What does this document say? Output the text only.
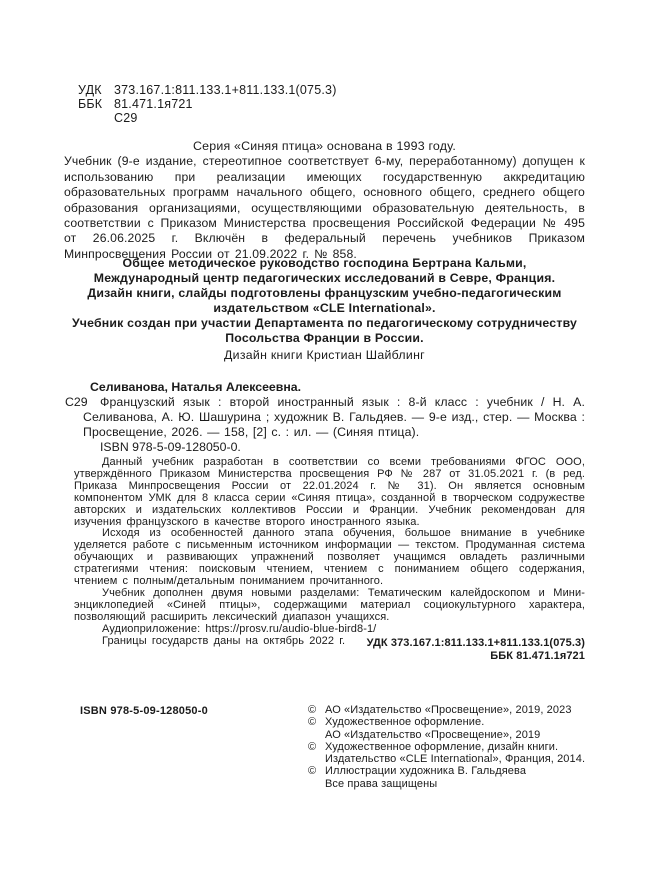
УДК 373.167.1:811.133.1+811.133.1(075.3)
ББК 81.471.1я721
С29
Серия «Синяя птица» основана в 1993 году.

Учебник (9-е издание, стереотипное соответствует 6-му, переработанному) допущен к использованию при реализации имеющих государственную аккредитацию образовательных программ начального общего, основного общего, среднего общего образования организациями, осуществляющими образовательную деятельность, в соответствии с Приказом Министерства просвещения Российской Федерации № 495 от 26.06.2025 г. Включён в федеральный перечень учебников Приказом Минпросвещения России от 21.09.2022 г. № 858.

Общее методическое руководство господина Бертрана Кальми,
Международный центр педагогических исследований в Севре, Франция.
Дизайн книги, слайды подготовлены французским учебно-педагогическим
издательством «CLE International».
Учебник создан при участии Департамента по педагогическому сотрудничеству
Посольства Франции в России.
Дизайн книги Кристиан Шайблинг

Селиванова, Наталья Алексеевна.

С29	Французский язык : второй иностранный язык : 8-й класс : учебник / Н. А. Селиванова, А. Ю. Шашурина ; художник В. Гальдяев. — 9-е изд., стер. — Москва : Просвещение, 2026. — 158, [2] с. : ил. — (Синяя птица).

ISBN 978-5-09-128050-0.

Данный учебник разработан в соответствии со всеми требованиями ФГОС ООО, утверждённого Приказом Министерства просвещения РФ № 287 от 31.05.2021 г. (в ред. Приказа Минпросвещения России от 22.01.2024 г. № 31). Он является основным компонентом УМК для 8 класса серии «Синяя птица», созданной в творческом содружестве авторских и издательских коллективов России и Франции. Учебник рекомендован для изучения французского в качестве второго иностранного языка.

Исходя из особенностей данного этапа обучения, большое внимание в учебнике уделяется работе с письменным источником информации — текстом. Продуманная система обучающих и развивающих упражнений позволяет учащимся овладеть различными стратегиями чтения: поисковым чтением, чтением с пониманием общего содержания, чтением с полным/детальным пониманием прочитанного.

Учебник дополнен двумя новыми разделами: Тематическим калейдоскопом и Мини-энциклопедией «Синей птицы», содержащими материал социокультурного характера, позволяющий расширить лексический диапазон учащихся.

Аудиоприложение: https://prosv.ru/audio-blue-bird8-1/

Границы государств даны на октябрь 2022 г.	УДК 373.167.1:811.133.1+811.133.1(075.3)
ББК 81.471.1я721
ISBN 978-5-09-128050-0	© АО «Издательство «Просвещение», 2019, 2023
© Художественное оформление.
АО «Издательство «Просвещение», 2019
© Художественное оформление, дизайн книги.
Издательство «CLE International», Франция, 2014.
© Иллюстрации художника В. Гальдяева
Все права защищены
